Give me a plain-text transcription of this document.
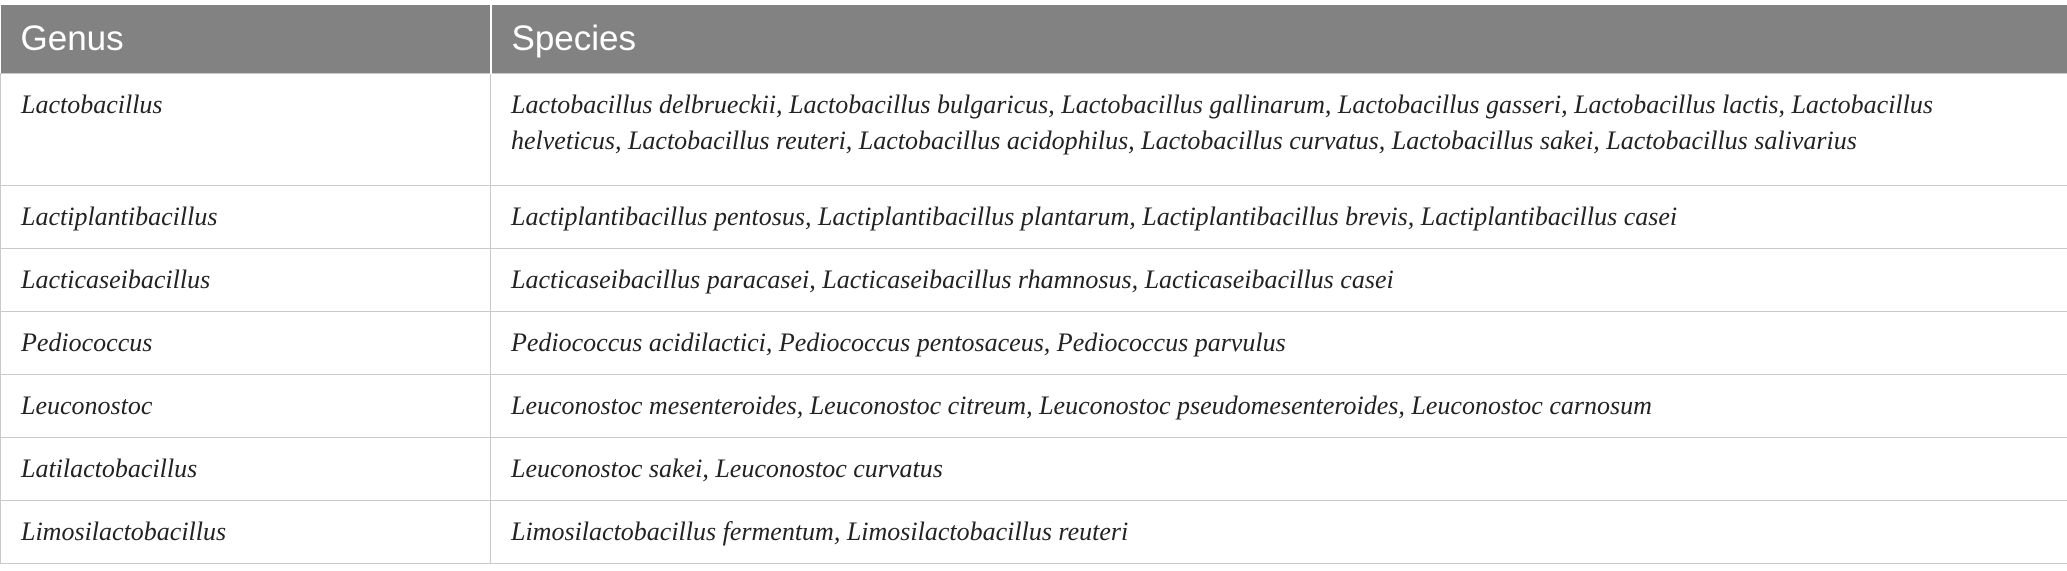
Genus	Species
Lactobacillus	Lactobacillus delbrueckii, Lactobacillus bulgaricus, Lactobacillus gallinarum, Lactobacillus gasseri, Lactobacillus lactis, Lactobacillus helveticus, Lactobacillus reuteri, Lactobacillus acidophilus, Lactobacillus curvatus, Lactobacillus sakei, Lactobacillus salivarius
Lactiplantibacillus	Lactiplantibacillus pentosus, Lactiplantibacillus plantarum, Lactiplantibacillus brevis, Lactiplantibacillus casei
Lacticaseibacillus	Lacticaseibacillus paracasei, Lacticaseibacillus rhamnosus, Lacticaseibacillus casei
Pediococcus	Pediococcus acidilactici, Pediococcus pentosaceus, Pediococcus parvulus
Leuconostoc	Leuconostoc mesenteroides, Leuconostoc citreum, Leuconostoc pseudomesenteroides, Leuconostoc carnosum
Latilactobacillus	Leuconostoc sakei, Leuconostoc curvatus
Limosilactobacillus	Limosilactobacillus fermentum, Limosilactobacillus reuteri
